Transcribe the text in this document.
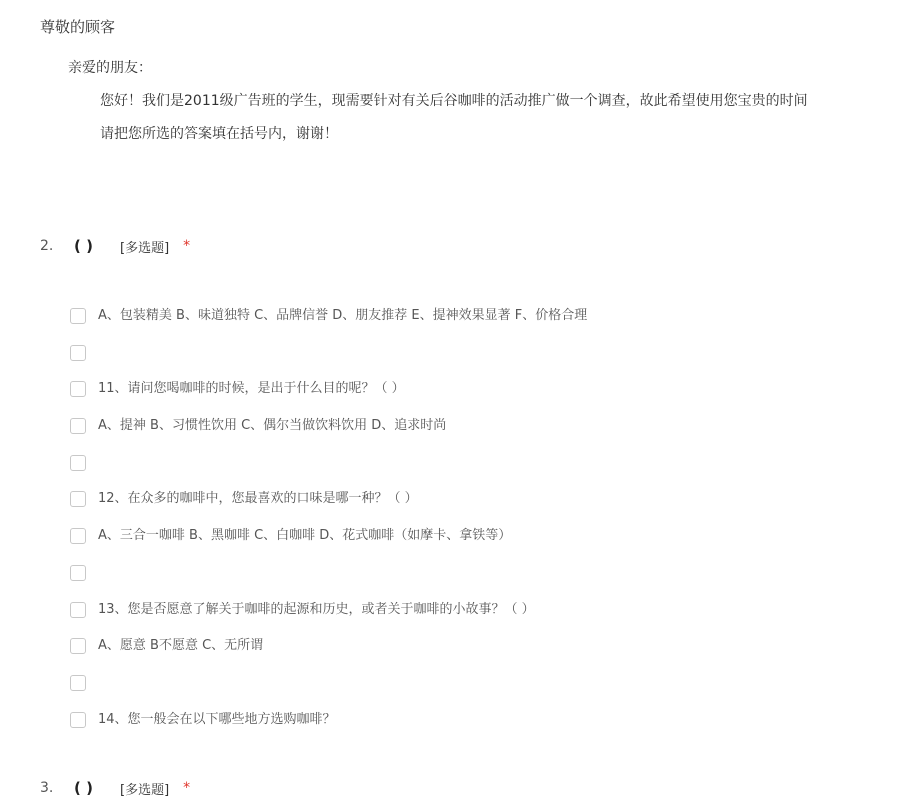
尊敬的顾客
亲爱的朋友：
您好！我们是2011级广告班的学生，现需要针对有关后谷咖啡的活动推广做一个调查，故此希望使用您宝贵的时间
请把您所选的答案填在括号内，谢谢！
2.	( )	[多选题] *
A、包装精美 B、味道独特 C、品牌信誉 D、朋友推荐 E、提神效果显著 F、价格合理
11、请问您喝咖啡的时候，是出于什么目的呢？（ ）
A、提神 B、习惯性饮用 C、偶尔当做饮料饮用 D、追求时尚
12、在众多的咖啡中，您最喜欢的口味是哪一种？（ ）
A、三合一咖啡 B、黑咖啡 C、白咖啡 D、花式咖啡（如摩卡、拿铁等）
13、您是否愿意了解关于咖啡的起源和历史，或者关于咖啡的小故事？（ ）
A、愿意 B不愿意 C、无所谓
14、您一般会在以下哪些地方选购咖啡？
3.	( )	[多选题] *
